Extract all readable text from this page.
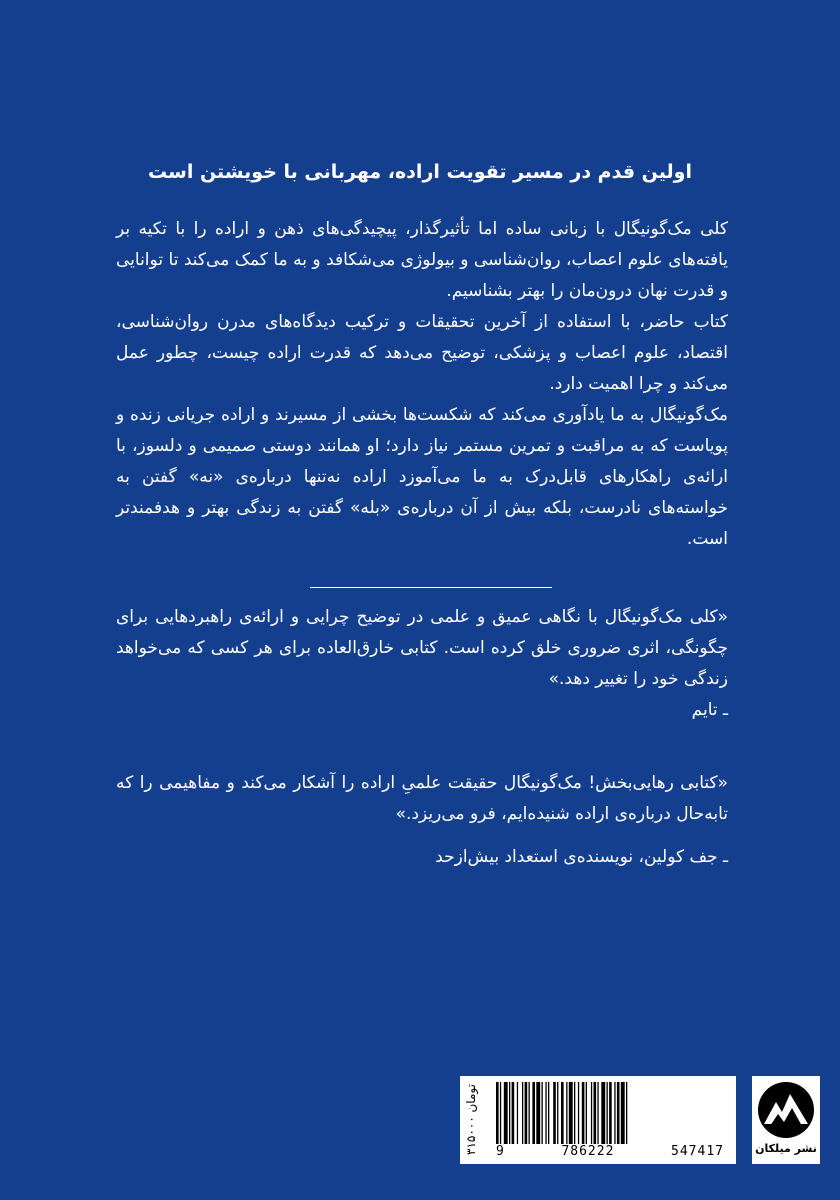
اولین قدم در مسیر تقویت اراده، مهربانی با خویشتن است

کلی مک‌گونیگال با زبانی ساده اما تأثیرگذار، پیچیدگی‌های ذهن و اراده را با تکیه بر یافته‌های علوم اعصاب، روان‌شناسی و بیولوژی می‌شکافد و به ما کمک می‌کند تا توانایی و قدرت نهان درون‌مان را بهتر بشناسیم.

کتاب حاضر، با استفاده از آخرین تحقیقات و ترکیب دیدگاه‌های مدرن روان‌شناسی، اقتصاد، علوم اعصاب و پزشکی، توضیح می‌دهد که قدرت اراده چیست، چطور عمل می‌کند و چرا اهمیت دارد.

مک‌گونیگال به ما یادآوری می‌کند که شکست‌ها بخشی از مسیرند و اراده جریانی زنده و پویاست که به مراقبت و تمرین مستمر نیاز دارد؛ او همانند دوستی صمیمی و دلسوز، با ارائه‌ی راهکارهای قابل‌درک به ما می‌آموزد اراده نه‌تنها درباره‌ی «نه» گفتن به خواسته‌های نادرست، بلکه بیش از آن درباره‌ی «بله» گفتن به زندگی بهتر و هدفمندتر است.

«کلی مک‌گونیگال با نگاهی عمیق و علمی در توضیح چرایی و ارائه‌ی راهبردهایی برای چگونگی، اثری ضروری خلق کرده است. کتابی خارق‌العاده برای هر کسی که می‌خواهد زندگی خود را تغییر دهد.»

ـ تایم

«کتابی رهایی‌بخش! مک‌گونیگال حقیقت علمیِ اراده را آشکار می‌کند و مفاهیمی را که تابه‌حال درباره‌ی اراده شنیده‌ایم، فرو می‌ریزد.»

ـ جف کولین، نویسنده‌ی استعداد بیش‌ازحد

۳۱۵۰۰۰ تومان
9	786222	547417	نشر میلکان
